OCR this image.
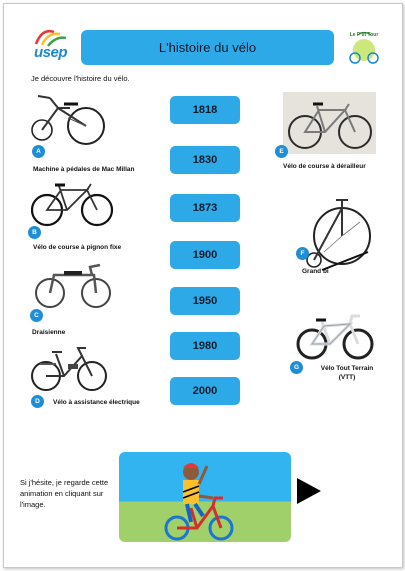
usep	L'histoire du vélo
Le P'tit Tour
Je découvre l'histoire du vélo.
1818
1830
1873
1900
1950
1980
2000
A
Machine à pédales de Mac Millan
B
Vélo de course à pignon fixe
C
Draisienne
D	Vélo à assistance électrique
E
Vélo de course à dérailleur
F
Grand bi
G	Vélo Tout Terrain (VTT)
Si j'hésite, je regarde cette animation en cliquant sur l'image.
